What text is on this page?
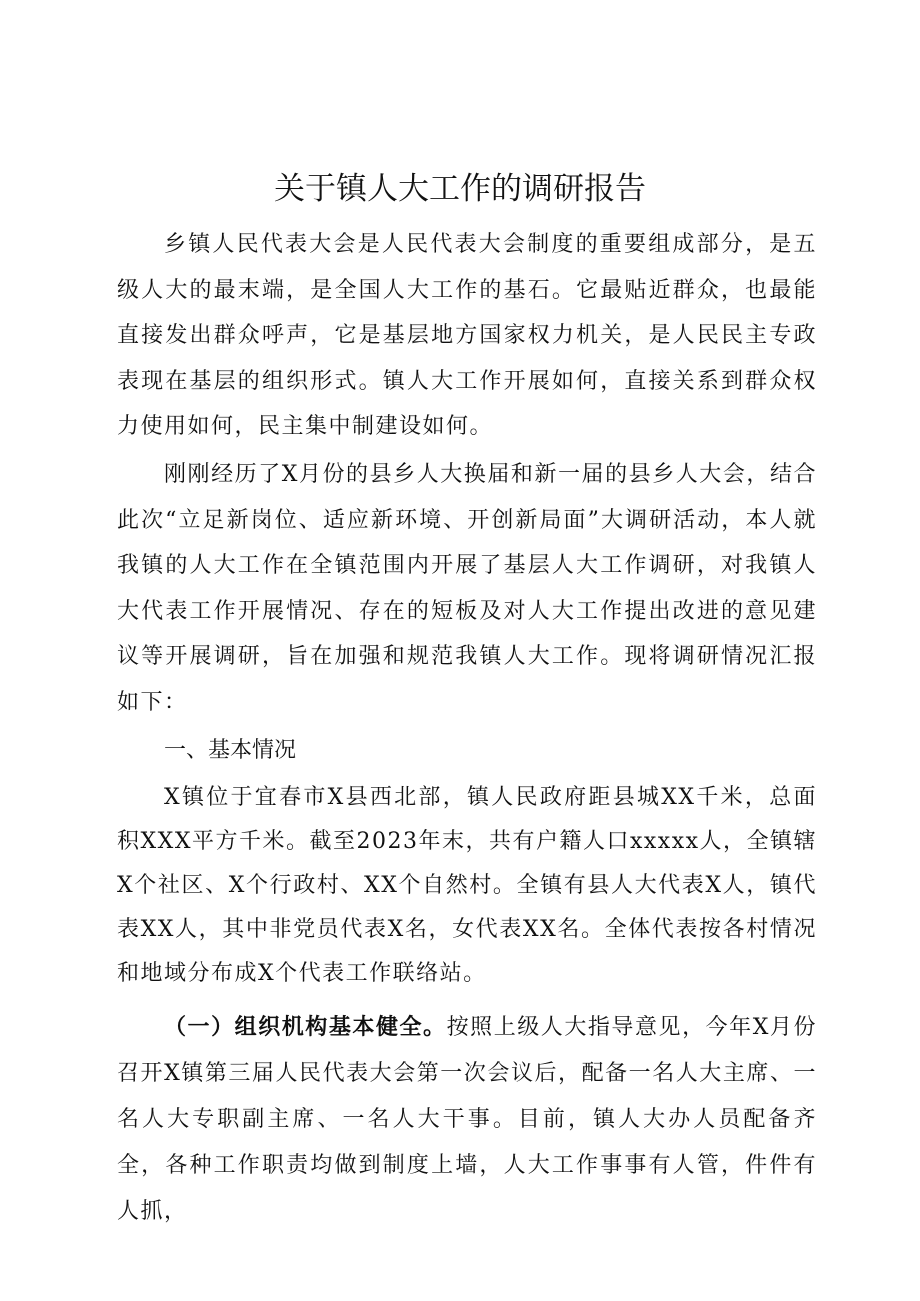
关于镇人大工作的调研报告

乡镇人民代表大会是人民代表大会制度的重要组成部分，是五级人大的最末端，是全国人大工作的基石。它最贴近群众，也最能直接发出群众呼声，它是基层地方国家权力机关，是人民民主专政表现在基层的组织形式。镇人大工作开展如何，直接关系到群众权力使用如何，民主集中制建设如何。

刚刚经历了X月份的县乡人大换届和新一届的县乡人大会，结合此次“立足新岗位、适应新环境、开创新局面”大调研活动，本人就我镇的人大工作在全镇范围内开展了基层人大工作调研，对我镇人大代表工作开展情况、存在的短板及对人大工作提出改进的意见建议等开展调研，旨在加强和规范我镇人大工作。现将调研情况汇报如下：

一、基本情况

X镇位于宜春市X县西北部，镇人民政府距县城XX千米，总面积XXX平方千米。截至2023年末，共有户籍人口xxxxx人，全镇辖X个社区、X个行政村、XX个自然村。全镇有县人大代表X人，镇代表XX人，其中非党员代表X名，女代表XX名。全体代表按各村情况和地域分布成X个代表工作联络站。

（一）组织机构基本健全。按照上级人大指导意见，今年X月份召开X镇第三届人民代表大会第一次会议后，配备一名人大主席、一名人大专职副主席、一名人大干事。目前，镇人大办人员配备齐全，各种工作职责均做到制度上墙，人大工作事事有人管，件件有人抓，
